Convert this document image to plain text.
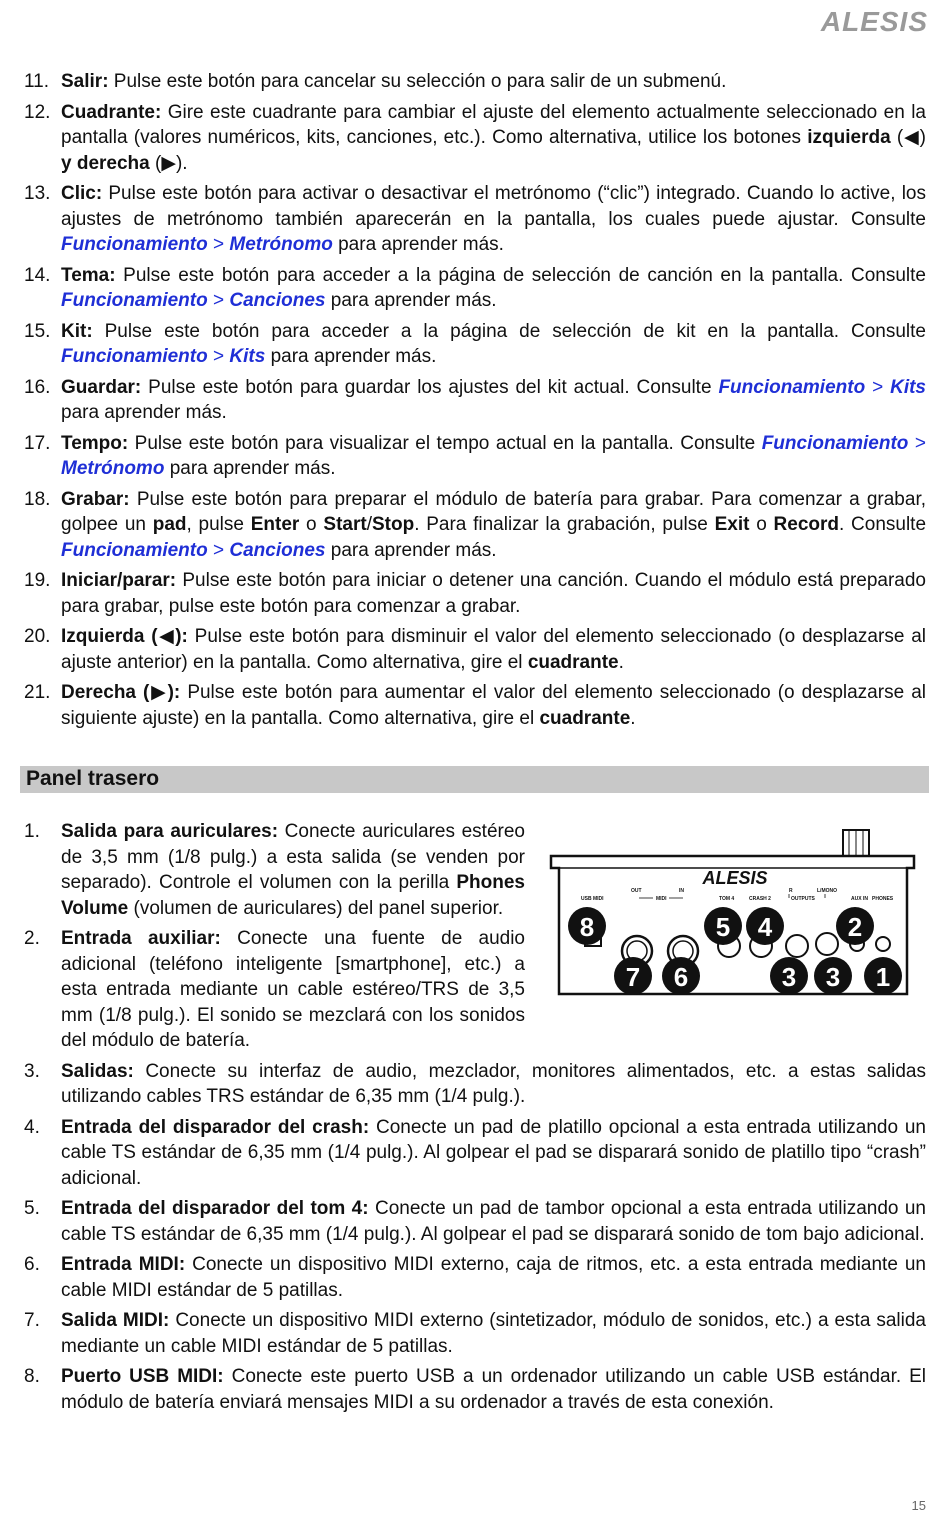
ALESIS
11. Salir: Pulse este botón para cancelar su selección o para salir de un submenú.
12. Cuadrante: Gire este cuadrante para cambiar el ajuste del elemento actualmente seleccionado en la pantalla (valores numéricos, kits, canciones, etc.). Como alternativa, utilice los botones izquierda (◀) y derecha (▶).
13. Clic: Pulse este botón para activar o desactivar el metrónomo (“clic”) integrado. Cuando lo active, los ajustes de metrónomo también aparecerán en la pantalla, los cuales puede ajustar. Consulte Funcionamiento > Metrónomo para aprender más.
14. Tema: Pulse este botón para acceder a la página de selección de canción en la pantalla. Consulte Funcionamiento > Canciones para aprender más.
15. Kit: Pulse este botón para acceder a la página de selección de kit en la pantalla. Consulte Funcionamiento > Kits para aprender más.
16. Guardar: Pulse este botón para guardar los ajustes del kit actual. Consulte Funcionamiento > Kits para aprender más.
17. Tempo: Pulse este botón para visualizar el tempo actual en la pantalla. Consulte Funcionamiento > Metrónomo para aprender más.
18. Grabar: Pulse este botón para preparar el módulo de batería para grabar. Para comenzar a grabar, golpee un pad, pulse Enter o Start/Stop. Para finalizar la grabación, pulse Exit o Record. Consulte Funcionamiento > Canciones para aprender más.
19. Iniciar/parar: Pulse este botón para iniciar o detener una canción. Cuando el módulo está preparado para grabar, pulse este botón para comenzar a grabar.
20. Izquierda (◀): Pulse este botón para disminuir el valor del elemento seleccionado (o desplazarse al ajuste anterior) en la pantalla. Como alternativa, gire el cuadrante.
21. Derecha (▶): Pulse este botón para aumentar el valor del elemento seleccionado (o desplazarse al siguiente ajuste) en la pantalla. Como alternativa, gire el cuadrante.
Panel trasero
1. Salida para auriculares: Conecte auriculares estéreo de 3,5 mm (1/8 pulg.) a esta salida (se venden por separado). Controle el volumen con la perilla Phones Volume (volumen de auriculares) del panel superior.
2. Entrada auxiliar: Conecte una fuente de audio adicional (teléfono inteligente [smartphone], etc.) a esta entrada mediante un cable estéreo/TRS de 3,5 mm (1/8 pulg.). El sonido se mezclará con los sonidos del módulo de batería.
3. Salidas: Conecte su interfaz de audio, mezclador, monitores alimentados, etc. a estas salidas utilizando cables TRS estándar de 6,35 mm (1/4 pulg.).
4. Entrada del disparador del crash: Conecte un pad de platillo opcional a esta entrada utilizando un cable TS estándar de 6,35 mm (1/4 pulg.). Al golpear el pad se disparará sonido de platillo tipo “crash” adicional.
5. Entrada del disparador del tom 4: Conecte un pad de tambor opcional a esta entrada utilizando un cable TS estándar de 6,35 mm (1/4 pulg.). Al golpear el pad se disparará sonido de tom bajo adicional.
6. Entrada MIDI: Conecte un dispositivo MIDI externo, caja de ritmos, etc. a esta entrada mediante un cable MIDI estándar de 5 patillas.
7. Salida MIDI: Conecte un dispositivo MIDI externo (sintetizador, módulo de sonidos, etc.) a esta salida mediante un cable MIDI estándar de 5 patillas.
8. Puerto USB MIDI: Conecte este puerto USB a un ordenador utilizando un cable USB estándar. El módulo de batería enviará mensajes MIDI a su ordenador a través de esta conexión.
ALESIS
USB MIDI
OUT
MIDI
IN
TOM 4	CRASH 2
R
OUTPUTS
L/MONO
AUX IN PHONES
8	5 4	2
7 6	3 3 1
15
